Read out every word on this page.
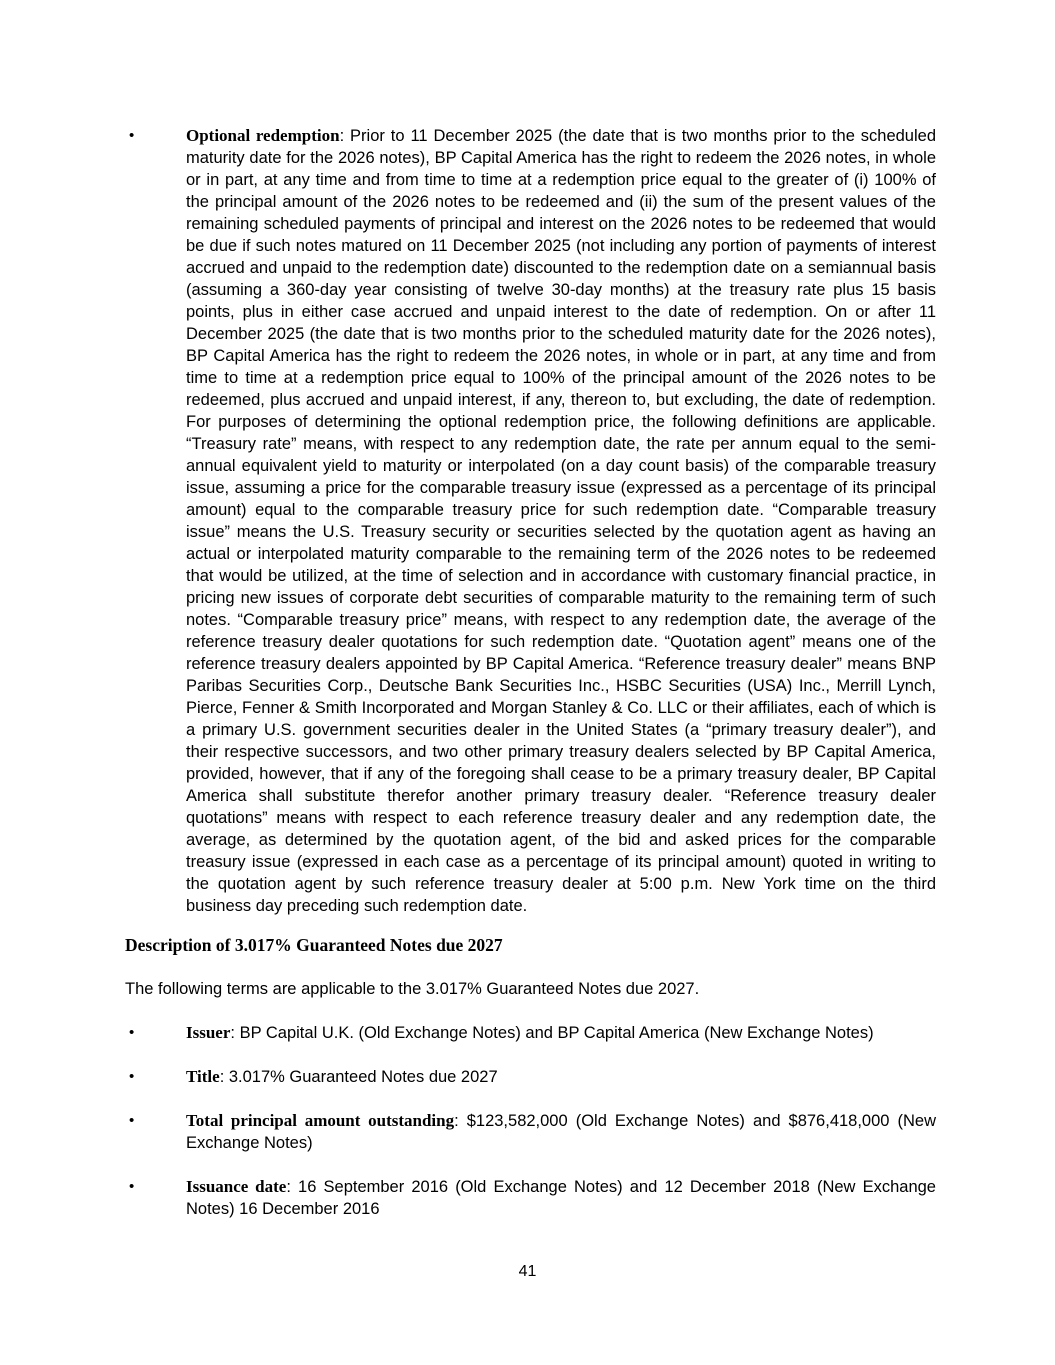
•	Optional redemption: Prior to 11 December 2025 (the date that is two months prior to the scheduled maturity date for the 2026 notes), BP Capital America has the right to redeem the 2026 notes, in whole or in part, at any time and from time to time at a redemption price equal to the greater of (i) 100% of the principal amount of the 2026 notes to be redeemed and (ii) the sum of the present values of the remaining scheduled payments of principal and interest on the 2026 notes to be redeemed that would be due if such notes matured on 11 December 2025 (not including any portion of payments of interest accrued and unpaid to the redemption date) discounted to the redemption date on a semiannual basis (assuming a 360-day year consisting of twelve 30-day months) at the treasury rate plus 15 basis points, plus in either case accrued and unpaid interest to the date of redemption. On or after 11 December 2025 (the date that is two months prior to the scheduled maturity date for the 2026 notes), BP Capital America has the right to redeem the 2026 notes, in whole or in part, at any time and from time to time at a redemption price equal to 100% of the principal amount of the 2026 notes to be redeemed, plus accrued and unpaid interest, if any, thereon to, but excluding, the date of redemption. For purposes of determining the optional redemption price, the following definitions are applicable. “Treasury rate” means, with respect to any redemption date, the rate per annum equal to the semi-annual equivalent yield to maturity or interpolated (on a day count basis) of the comparable treasury issue, assuming a price for the comparable treasury issue (expressed as a percentage of its principal amount) equal to the comparable treasury price for such redemption date. “Comparable treasury issue” means the U.S. Treasury security or securities selected by the quotation agent as having an actual or interpolated maturity comparable to the remaining term of the 2026 notes to be redeemed that would be utilized, at the time of selection and in accordance with customary financial practice, in pricing new issues of corporate debt securities of comparable maturity to the remaining term of such notes. “Comparable treasury price” means, with respect to any redemption date, the average of the reference treasury dealer quotations for such redemption date. “Quotation agent” means one of the reference treasury dealers appointed by BP Capital America. “Reference treasury dealer” means BNP Paribas Securities Corp., Deutsche Bank Securities Inc., HSBC Securities (USA) Inc., Merrill Lynch, Pierce, Fenner & Smith Incorporated and Morgan Stanley & Co. LLC or their affiliates, each of which is a primary U.S. government securities dealer in the United States (a “primary treasury dealer”), and their respective successors, and two other primary treasury dealers selected by BP Capital America, provided, however, that if any of the foregoing shall cease to be a primary treasury dealer, BP Capital America shall substitute therefor another primary treasury dealer. “Reference treasury dealer quotations” means with respect to each reference treasury dealer and any redemption date, the average, as determined by the quotation agent, of the bid and asked prices for the comparable treasury issue (expressed in each case as a percentage of its principal amount) quoted in writing to the quotation agent by such reference treasury dealer at 5:00 p.m. New York time on the third business day preceding such redemption date.

Description of 3.017% Guaranteed Notes due 2027

The following terms are applicable to the 3.017% Guaranteed Notes due 2027.

•	Issuer: BP Capital U.K. (Old Exchange Notes) and BP Capital America (New Exchange Notes)

•	Title: 3.017% Guaranteed Notes due 2027

•	Total principal amount outstanding: $123,582,000 (Old Exchange Notes) and $876,418,000 (New Exchange Notes)

•	Issuance date: 16 September 2016 (Old Exchange Notes) and 12 December 2018 (New Exchange Notes) 16 December 2016

41
